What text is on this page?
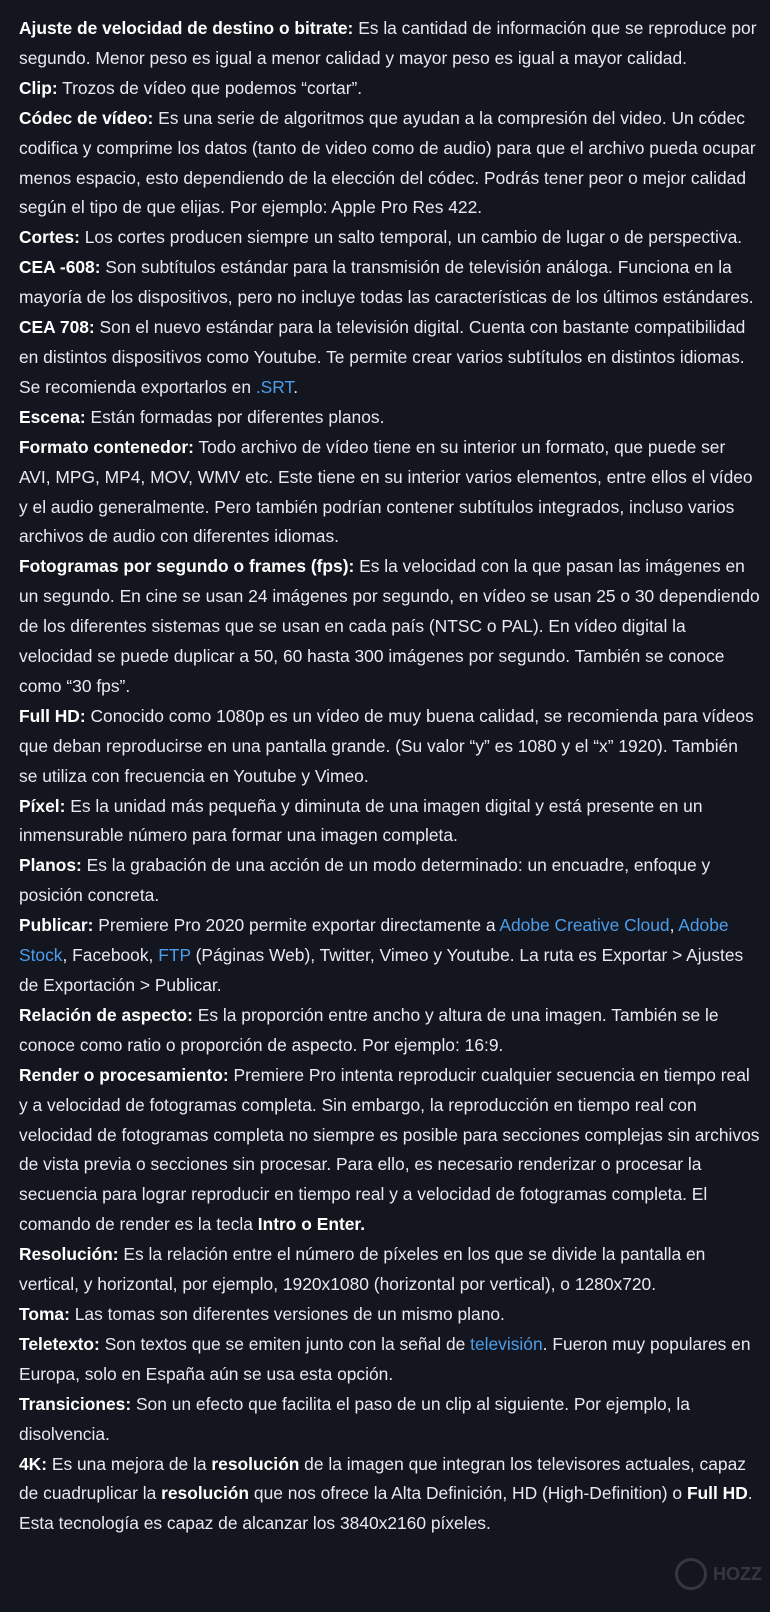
Ajuste de velocidad de destino o bitrate: Es la cantidad de información que se reproduce por segundo. Menor peso es igual a menor calidad y mayor peso es igual a mayor calidad.

Clip: Trozos de vídeo que podemos “cortar”.

Códec de vídeo: Es una serie de algoritmos que ayudan a la compresión del video. Un códec codifica y comprime los datos (tanto de video como de audio) para que el archivo pueda ocupar menos espacio, esto dependiendo de la elección del códec. Podrás tener peor o mejor calidad según el tipo de que elijas. Por ejemplo: Apple Pro Res 422.

Cortes: Los cortes producen siempre un salto temporal, un cambio de lugar o de perspectiva.

CEA -608: Son subtítulos estándar para la transmisión de televisión análoga. Funciona en la mayoría de los dispositivos, pero no incluye todas las características de los últimos estándares.

CEA 708: Son el nuevo estándar para la televisión digital. Cuenta con bastante compatibilidad en distintos dispositivos como Youtube. Te permite crear varios subtítulos en distintos idiomas. Se recomienda exportarlos en .SRT.

Escena: Están formadas por diferentes planos.

Formato contenedor: Todo archivo de vídeo tiene en su interior un formato, que puede ser AVI, MPG, MP4, MOV, WMV etc. Este tiene en su interior varios elementos, entre ellos el vídeo y el audio generalmente. Pero también podrían contener subtítulos integrados, incluso varios archivos de audio con diferentes idiomas.

Fotogramas por segundo o frames (fps): Es la velocidad con la que pasan las imágenes en un segundo. En cine se usan 24 imágenes por segundo, en vídeo se usan 25 o 30 dependiendo de los diferentes sistemas que se usan en cada país (NTSC o PAL). En vídeo digital la velocidad se puede duplicar a 50, 60 hasta 300 imágenes por segundo. También se conoce como “30 fps”.

Full HD: Conocido como 1080p es un vídeo de muy buena calidad, se recomienda para vídeos que deban reproducirse en una pantalla grande. (Su valor “y” es 1080 y el “x” 1920). También se utiliza con frecuencia en Youtube y Vimeo.

Píxel: Es la unidad más pequeña y diminuta de una imagen digital y está presente en un inmensurable número para formar una imagen completa.

Planos: Es la grabación de una acción de un modo determinado: un encuadre, enfoque y posición concreta.

Publicar: Premiere Pro 2020 permite exportar directamente a Adobe Creative Cloud, Adobe Stock, Facebook, FTP (Páginas Web), Twitter, Vimeo y Youtube. La ruta es Exportar > Ajustes de Exportación > Publicar.

Relación de aspecto: Es la proporción entre ancho y altura de una imagen. También se le conoce como ratio o proporción de aspecto. Por ejemplo: 16:9.

Render o procesamiento: Premiere Pro intenta reproducir cualquier secuencia en tiempo real y a velocidad de fotogramas completa. Sin embargo, la reproducción en tiempo real con velocidad de fotogramas completa no siempre es posible para secciones complejas sin archivos de vista previa o secciones sin procesar. Para ello, es necesario renderizar o procesar la secuencia para lograr reproducir en tiempo real y a velocidad de fotogramas completa. El comando de render es la tecla Intro o Enter.

Resolución: Es la relación entre el número de píxeles en los que se divide la pantalla en vertical, y horizontal, por ejemplo, 1920x1080 (horizontal por vertical), o 1280x720.

Toma: Las tomas son diferentes versiones de un mismo plano.

Teletexto: Son textos que se emiten junto con la señal de televisión. Fueron muy populares en Europa, solo en España aún se usa esta opción.

Transiciones: Son un efecto que facilita el paso de un clip al siguiente. Por ejemplo, la disolvencia.

4K: Es una mejora de la resolución de la imagen que integran los televisores actuales, capaz de cuadruplicar la resolución que nos ofrece la Alta Definición, HD (High-Definition) o Full HD. Esta tecnología es capaz de alcanzar los 3840x2160 píxeles.

HOZZ
